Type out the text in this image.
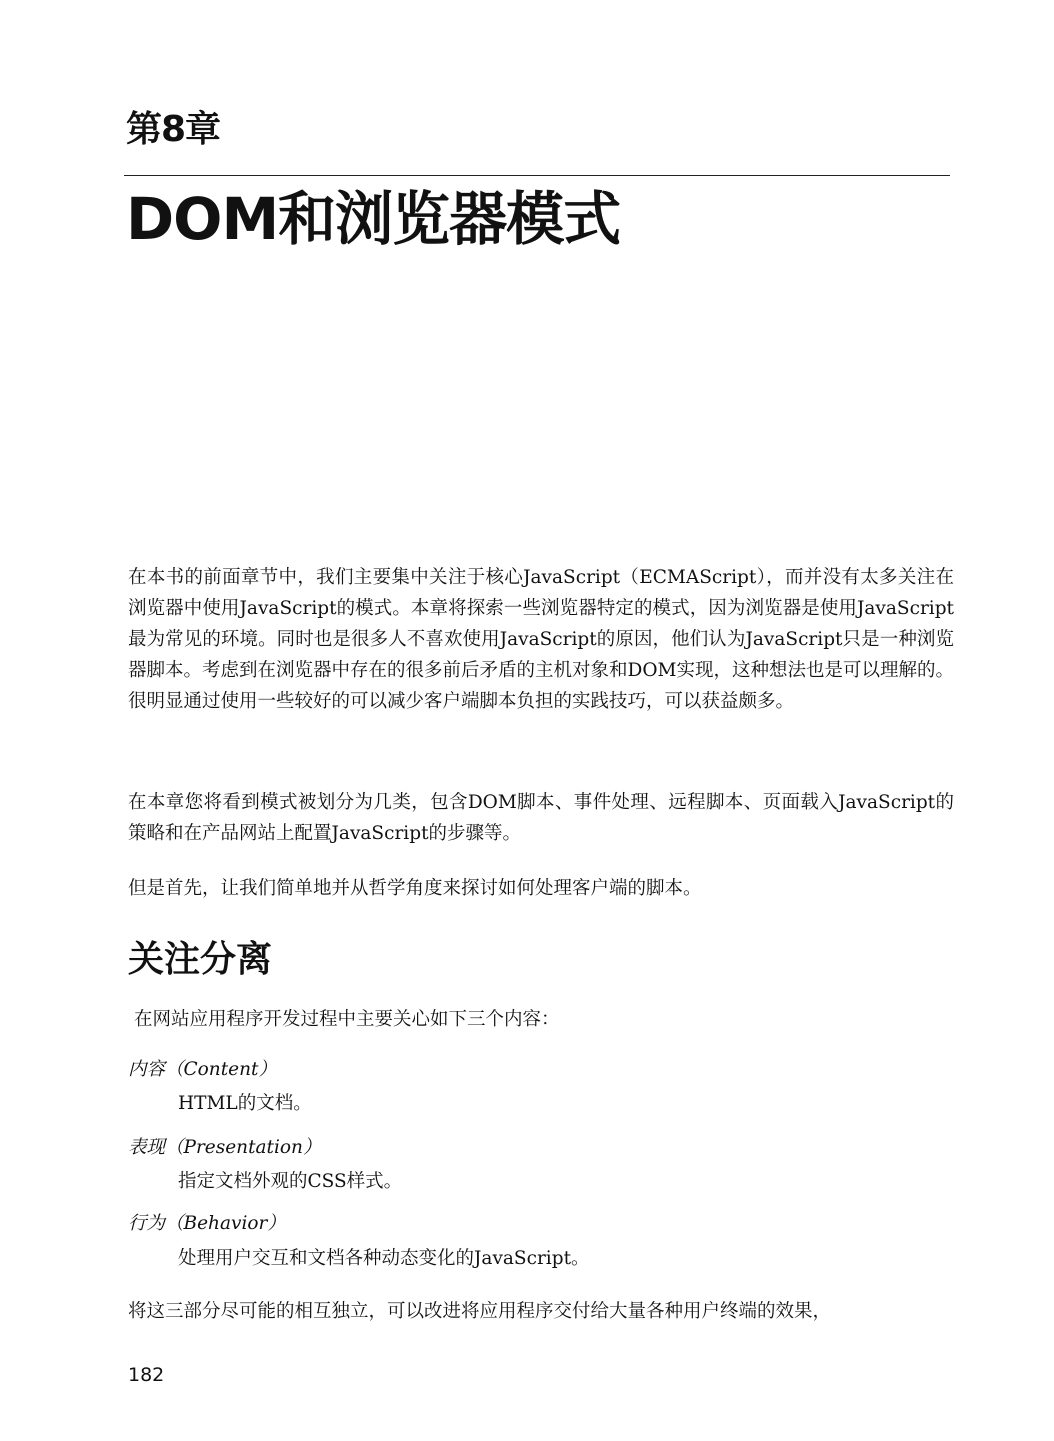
第8章
DOM和浏览器模式

在本书的前面章节中，我们主要集中关注于核心JavaScript（ECMAScript），而并没有太多关注在浏览器中使用JavaScript的模式。本章将探索一些浏览器特定的模式，因为浏览器是使用JavaScript最为常见的环境。同时也是很多人不喜欢使用JavaScript的原因，他们认为JavaScript只是一种浏览器脚本。考虑到在浏览器中存在的很多前后矛盾的主机对象和DOM实现，这种想法也是可以理解的。很明显通过使用一些较好的可以减少客户端脚本负担的实践技巧，可以获益颇多。

在本章您将看到模式被划分为几类，包含DOM脚本、事件处理、远程脚本、页面载入JavaScript的策略和在产品网站上配置JavaScript的步骤等。

但是首先，让我们简单地并从哲学角度来探讨如何处理客户端的脚本。

关注分离

在网站应用程序开发过程中主要关心如下三个内容：

内容（Content）

HTML的文档。

表现（Presentation）

指定文档外观的CSS样式。

行为（Behavior）

处理用户交互和文档各种动态变化的JavaScript。

将这三部分尽可能的相互独立，可以改进将应用程序交付给大量各种用户终端的效果，

182
